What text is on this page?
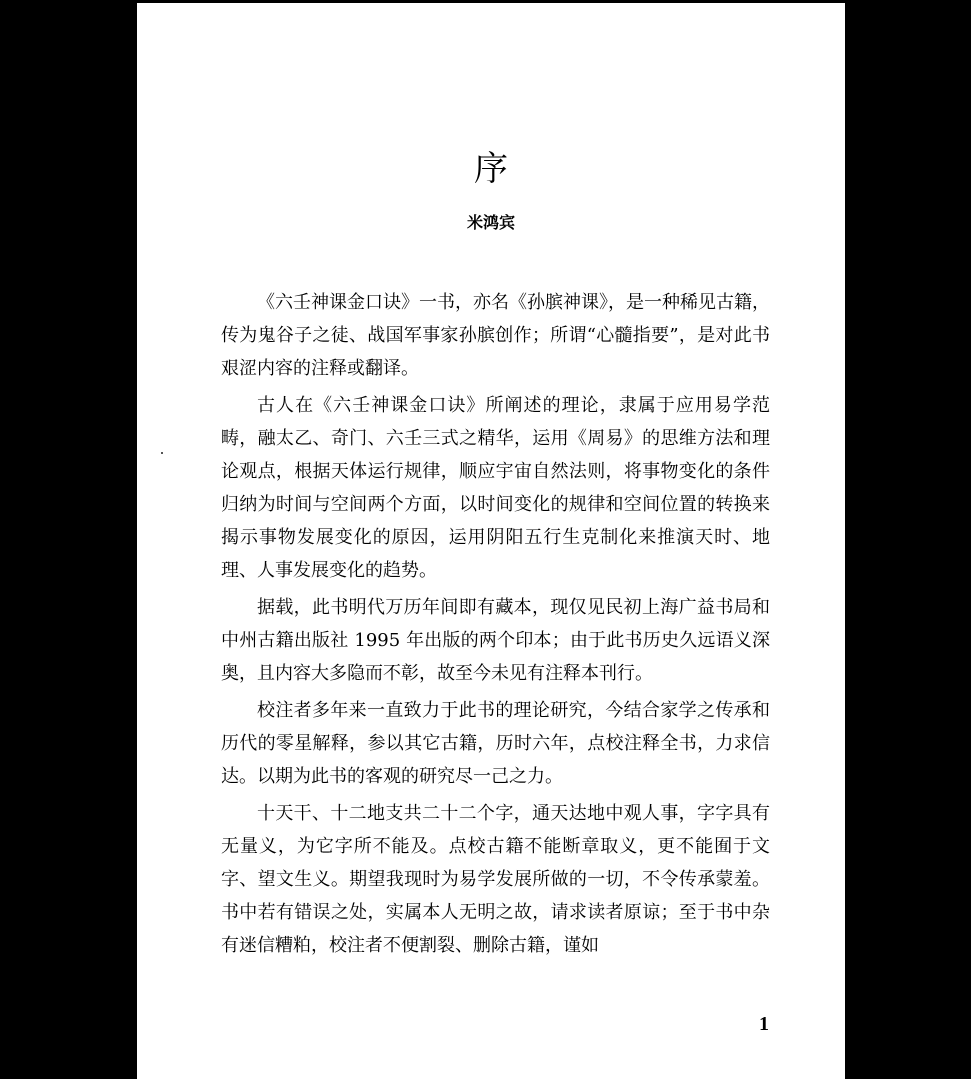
序
米鸿宾

《六壬神课金口诀》一书，亦名《孙膑神课》，是一种稀见古籍，传为鬼谷子之徒、战国军事家孙膑创作；所谓“心髓指要”，是对此书艰涩内容的注释或翻译。

古人在《六壬神课金口诀》所阐述的理论，隶属于应用易学范畴，融太乙、奇门、六壬三式之精华，运用《周易》的思维方法和理论观点，根据天体运行规律，顺应宇宙自然法则，将事物变化的条件归纳为时间与空间两个方面，以时间变化的规律和空间位置的转换来揭示事物发展变化的原因，运用阴阳五行生克制化来推演天时、地理、人事发展变化的趋势。

据载，此书明代万历年间即有藏本，现仅见民初上海广益书局和中州古籍出版社 1995 年出版的两个印本；由于此书历史久远语义深奥，且内容大多隐而不彰，故至今未见有注释本刊行。

校注者多年来一直致力于此书的理论研究，今结合家学之传承和历代的零星解释，参以其它古籍，历时六年，点校注释全书，力求信达。以期为此书的客观的研究尽一己之力。

十天干、十二地支共二十二个字，通天达地中观人事，字字具有无量义，为它字所不能及。点校古籍不能断章取义，更不能囿于文字、望文生义。期望我现时为易学发展所做的一切，不令传承蒙羞。书中若有错误之处，实属本人无明之故，请求读者原谅；至于书中杂有迷信糟粕，校注者不便割裂、删除古籍，谨如

1
